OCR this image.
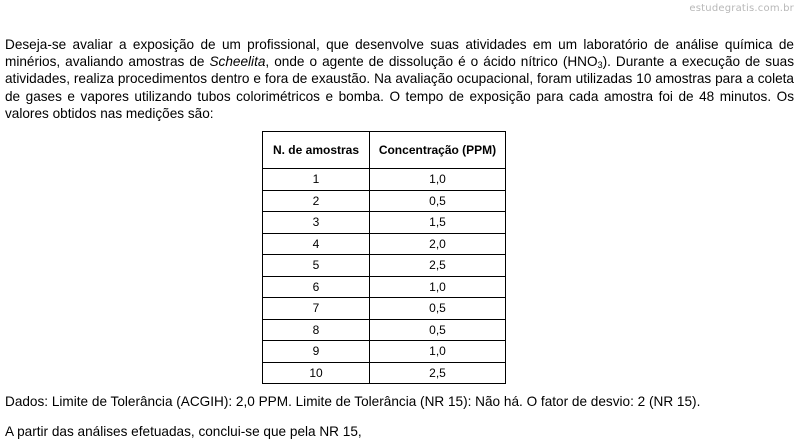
estudegratis.com.br

Deseja-se avaliar a exposição de um profissional, que desenvolve suas atividades em um laboratório de análise química de minérios, avaliando amostras de Scheelita, onde o agente de dissolução é o ácido nítrico $(HNO_3)$. Durante a execução de suas atividades, realiza procedimentos dentro e fora de exaustão. Na avaliação ocupacional, foram utilizadas 10 amostras para a coleta de gases e vapores utilizando tubos colorimétricos e bomba. O tempo de exposição para cada amostra foi de 48 minutos. Os valores obtidos nas medições são:

N. de amostras	Concentração (PPM)
1	1,0
2	0,5
3	1,5
4	2,0
5	2,5
6	1,0
7	0,5
8	0,5
9	1,0
10	2,5

Dados: Limite de Tolerância (ACGIH): 2,0 PPM. Limite de Tolerância (NR 15): Não há. O fator de desvio: 2 (NR 15).

A partir das análises efetuadas, conclui-se que pela NR 15,
